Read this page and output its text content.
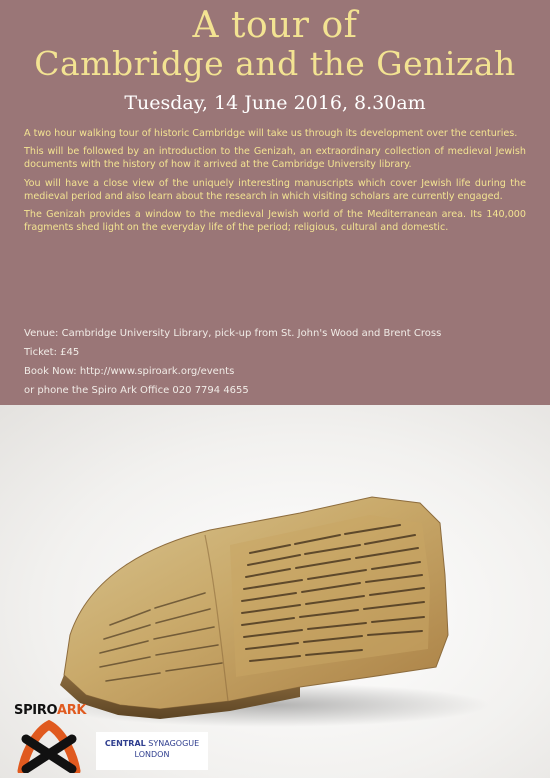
A tour of
Cambridge and the Genizah
Tuesday, 14 June 2016, 8.30am

A two hour walking tour of historic Cambridge will take us through its development over the centuries.

This will be followed by an introduction to the Genizah, an extraordinary collection of medieval Jewish documents with the history of how it arrived at the Cambridge University library.

You will have a close view of the uniquely interesting manuscripts which cover Jewish life during the medieval period and also learn about the research in which visiting scholars are currently engaged.

The Genizah provides a window to the medieval Jewish world of the Mediterranean area. Its 140,000 fragments shed light on the everyday life of the period; religious, cultural and domestic.

Venue: Cambridge University Library, pick-up from St. John's Wood and Brent Cross
Ticket: £45
Book Now: http://www.spiroark.org/events
or phone the Spiro Ark Office 020 7794 4655
SPIROARK
CENTRAL SYNAGOGUE
LONDON
